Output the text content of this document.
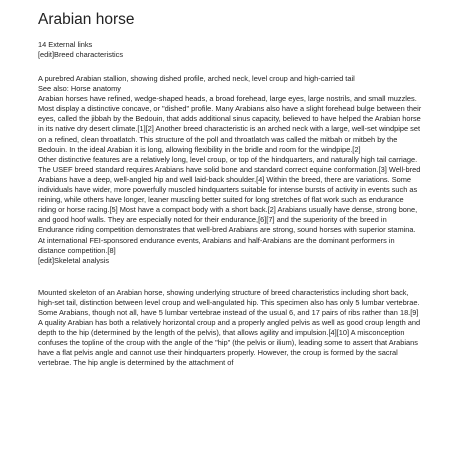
Arabian horse

14 External links

[edit]Breed characteristics

A purebred Arabian stallion, showing dished profile, arched neck, level croup and high-carried tail

See also: Horse anatomy

Arabian horses have refined, wedge-shaped heads, a broad forehead, large eyes, large nostrils, and small muzzles. Most display a distinctive concave, or "dished" profile. Many Arabians also have a slight forehead bulge between their eyes, called the jibbah by the Bedouin, that adds additional sinus capacity, believed to have helped the Arabian horse in its native dry desert climate.[1][2] Another breed characteristic is an arched neck with a large, well-set windpipe set on a refined, clean throatlatch. This structure of the poll and throatlatch was called the mitbah or mitbeh by the Bedouin. In the ideal Arabian it is long, allowing flexibility in the bridle and room for the windpipe.[2]

Other distinctive features are a relatively long, level croup, or top of the hindquarters, and naturally high tail carriage. The USEF breed standard requires Arabians have solid bone and standard correct equine conformation.[3] Well-bred Arabians have a deep, well-angled hip and well laid-back shoulder.[4] Within the breed, there are variations. Some individuals have wider, more powerfully muscled hindquarters suitable for intense bursts of activity in events such as reining, while others have longer, leaner muscling better suited for long stretches of flat work such as endurance riding or horse racing.[5] Most have a compact body with a short back.[2] Arabians usually have dense, strong bone, and good hoof walls. They are especially noted for their endurance,[6][7] and the superiority of the breed in Endurance riding competition demonstrates that well-bred Arabians are strong, sound horses with superior stamina. At international FEI-sponsored endurance events, Arabians and half-Arabians are the dominant performers in distance competition.[8]

[edit]Skeletal analysis

Mounted skeleton of an Arabian horse, showing underlying structure of breed characteristics including short back, high-set tail, distinction between level croup and well-angulated hip. This specimen also has only 5 lumbar vertebrae.

Some Arabians, though not all, have 5 lumbar vertebrae instead of the usual 6, and 17 pairs of ribs rather than 18.[9] A quality Arabian has both a relatively horizontal croup and a properly angled pelvis as well as good croup length and depth to the hip (determined by the length of the pelvis), that allows agility and impulsion.[4][10] A misconception confuses the topline of the croup with the angle of the "hip" (the pelvis or ilium), leading some to assert that Arabians have a flat pelvis angle and cannot use their hindquarters properly. However, the croup is formed by the sacral vertebrae. The hip angle is determined by the attachment of
